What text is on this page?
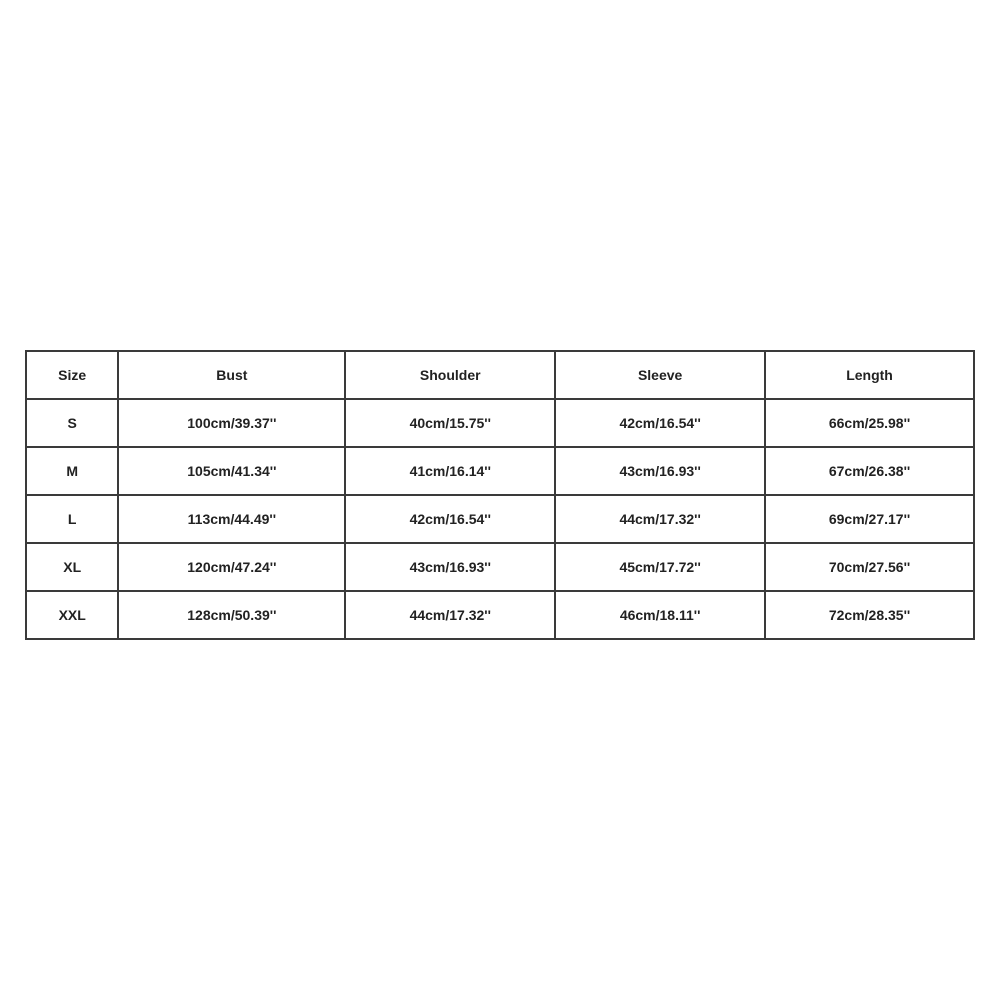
Size	Bust	Shoulder	Sleeve	Length
S	100cm/39.37''	40cm/15.75''	42cm/16.54''	66cm/25.98''
M	105cm/41.34''	41cm/16.14''	43cm/16.93''	67cm/26.38''
L	113cm/44.49''	42cm/16.54''	44cm/17.32''	69cm/27.17''
XL	120cm/47.24''	43cm/16.93''	45cm/17.72''	70cm/27.56''
XXL	128cm/50.39''	44cm/17.32''	46cm/18.11''	72cm/28.35''
